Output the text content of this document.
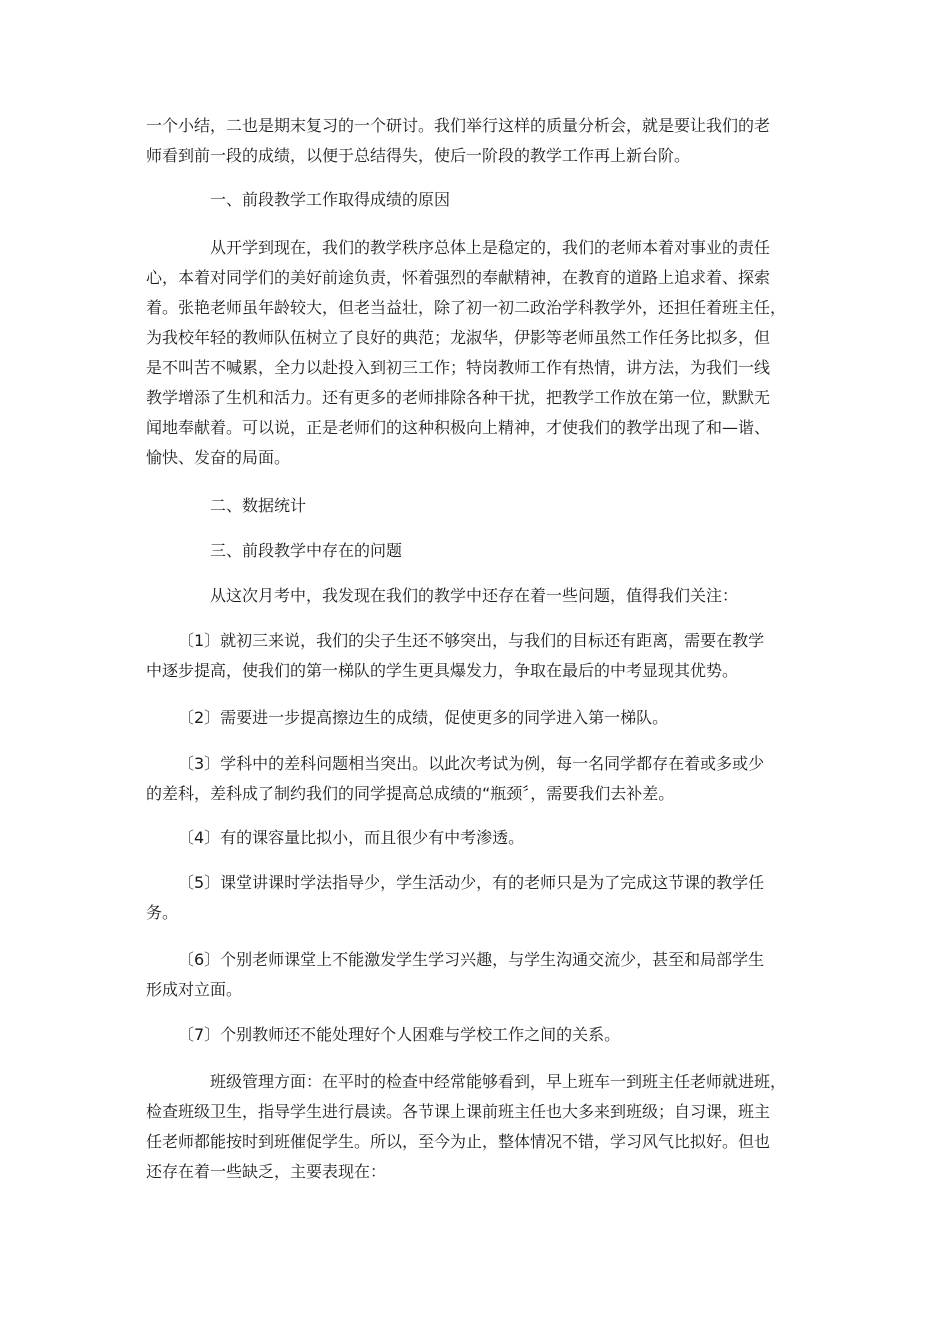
一个小结，二也是期末复习的一个研讨。我们举行这样的质量分析会，就是要让我们的老
师看到前一段的成绩，以便于总结得失，使后一阶段的教学工作再上新台阶。
一、前段教学工作取得成绩的原因
从开学到现在，我们的教学秩序总体上是稳定的，我们的老师本着对事业的责任
心，本着对同学们的美好前途负责，怀着强烈的奉献精神，在教育的道路上追求着、探索
着。张艳老师虽年龄较大，但老当益壮，除了初一初二政治学科教学外，还担任着班主任，
为我校年轻的教师队伍树立了良好的典范；龙淑华，伊影等老师虽然工作任务比拟多，但
是不叫苦不喊累，全力以赴投入到初三工作；特岗教师工作有热情，讲方法，为我们一线
教学增添了生机和活力。还有更多的老师排除各种干扰，把教学工作放在第一位，默默无
闻地奉献着。可以说，正是老师们的这种积极向上精神，才使我们的教学出现了和—谐、
愉快、发奋的局面。
二、数据统计
三、前段教学中存在的问题
从这次月考中，我发现在我们的教学中还存在着一些问题，值得我们关注：
〔1〕就初三来说，我们的尖子生还不够突出，与我们的目标还有距离，需要在教学
中逐步提高，使我们的第一梯队的学生更具爆发力，争取在最后的中考显现其优势。
〔2〕需要进一步提高擦边生的成绩，促使更多的同学进入第一梯队。
〔3〕学科中的差科问题相当突出。以此次考试为例，每一名同学都存在着或多或少
的差科，差科成了制约我们的同学提高总成绩的“瓶颈〞，需要我们去补差。
〔4〕有的课容量比拟小，而且很少有中考渗透。
〔5〕课堂讲课时学法指导少，学生活动少，有的老师只是为了完成这节课的教学任
务。
〔6〕个别老师课堂上不能激发学生学习兴趣，与学生沟通交流少，甚至和局部学生
形成对立面。
〔7〕个别教师还不能处理好个人困难与学校工作之间的关系。
班级管理方面：在平时的检查中经常能够看到，早上班车一到班主任老师就进班，
检查班级卫生，指导学生进行晨读。各节课上课前班主任也大多来到班级；自习课，班主
任老师都能按时到班催促学生。所以，至今为止，整体情况不错，学习风气比拟好。但也
还存在着一些缺乏，主要表现在：
